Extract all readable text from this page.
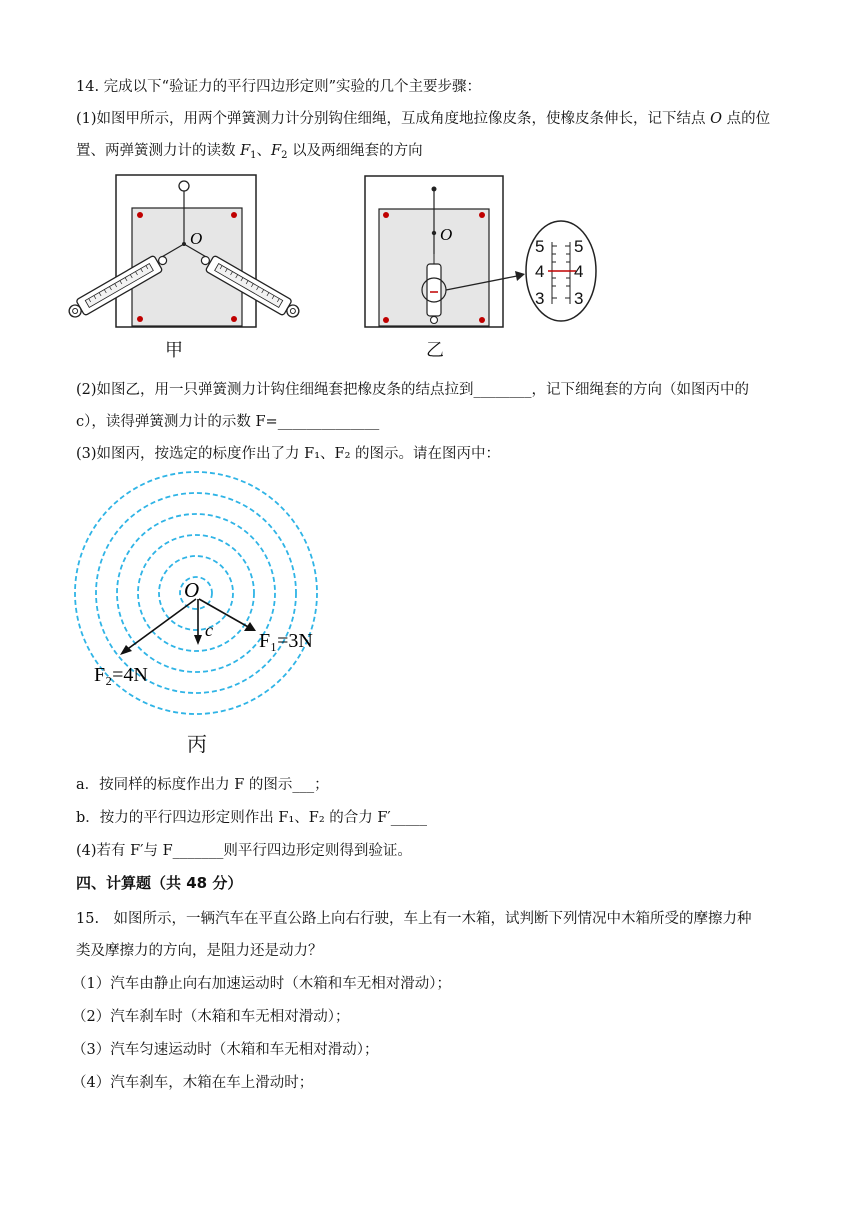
14. 完成以下“验证力的平行四边形定则”实验的几个主要步骤：
(1)如图甲所示，用两个弹簧测力计分别钩住细绳，互成角度地拉像皮条，使橡皮条伸长，记下结点 O 点的位
置、两弹簧测力计的读数 $F_1$、$F_2$ 以及两细绳套的方向
O
甲
O
5
4
3
5
4
3
乙
(2)如图乙，用一只弹簧测力计钩住细绳套把橡皮条的结点拉到________，记下细绳套的方向（如图丙中的
c），读得弹簧测力计的示数 F=______________
(3)如图丙，按选定的标度作出了力 F₁、F₂ 的图示。请在图丙中：
O
c F₁=3N
F₂=4N
丙
a．按同样的标度作出力 F 的图示___；
b．按力的平行四边形定则作出 F₁、F₂ 的合力 F′_____
(4)若有 F′与 F_______则平行四边形定则得到验证。
四、计算题（共 48 分）
15.　如图所示，一辆汽车在平直公路上向右行驶，车上有一木箱，试判断下列情况中木箱所受的摩擦力种
类及摩擦力的方向，是阻力还是动力？
（1）汽车由静止向右加速运动时（木箱和车无相对滑动）；
（2）汽车刹车时（木箱和车无相对滑动）；
（3）汽车匀速运动时（木箱和车无相对滑动）；
（4）汽车刹车，木箱在车上滑动时；
